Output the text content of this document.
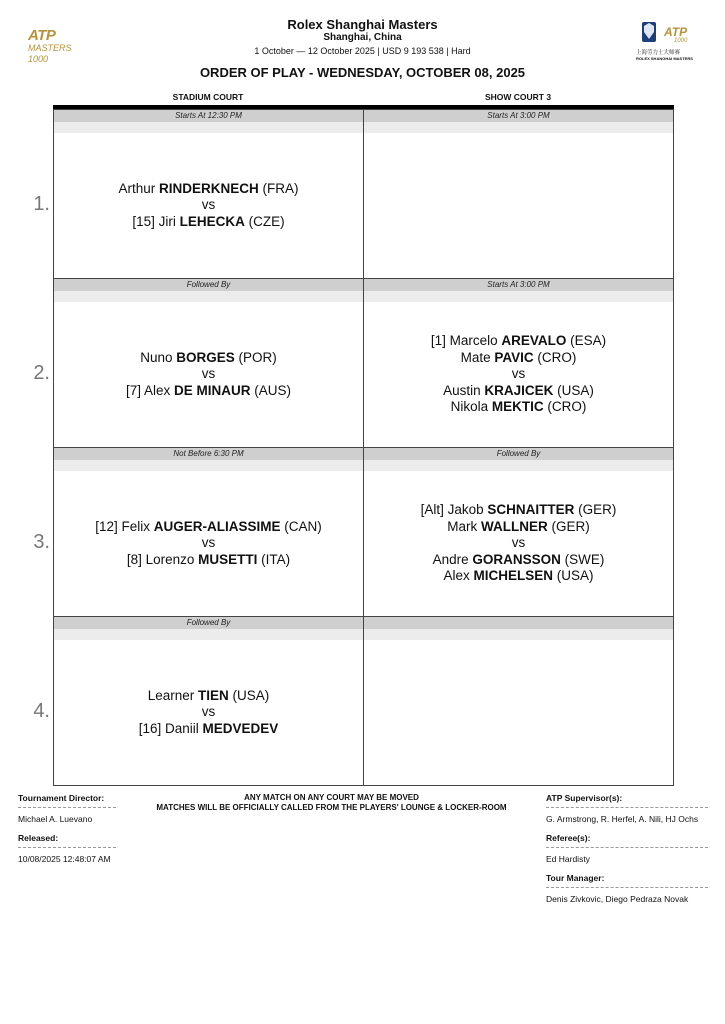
ATP
MASTERS 1000
ATP
1000
上海劳力士大师赛
ROLEX SHANGHAI MASTERS
Rolex Shanghai Masters
Shanghai, China
1 October — 12 October 2025 | USD 9 193 538 | Hard
ORDER OF PLAY - WEDNESDAY, OCTOBER 08, 2025
STADIUM COURT	SHOW COURT 3
1.
Starts At 12:30 PM
Arthur RINDERKNECH (FRA)
vs
[15] Jiri LEHECKA (CZE)
Starts At 3:00 PM
2.
Followed By
Nuno BORGES (POR)
vs
[7] Alex DE MINAUR (AUS)
Starts At 3:00 PM
[1] Marcelo AREVALO (ESA)
Mate PAVIC (CRO)
vs
Austin KRAJICEK (USA)
Nikola MEKTIC (CRO)
3.
Not Before 6:30 PM
[12] Felix AUGER-ALIASSIME (CAN)
vs
[8] Lorenzo MUSETTI (ITA)
Followed By
[Alt] Jakob SCHNAITTER (GER)
Mark WALLNER (GER)
vs
Andre GORANSSON (SWE)
Alex MICHELSEN (USA)
4.
Followed By
Learner TIEN (USA)
vs
[16] Daniil MEDVEDEV
Tournament Director:
Michael A. Luevano
Released:
10/08/2025 12:48:07 AM
ANY MATCH ON ANY COURT MAY BE MOVED
MATCHES WILL BE OFFICIALLY CALLED FROM THE PLAYERS' LOUNGE & LOCKER-ROOM
ATP Supervisor(s):
G. Armstrong, R. Herfel, A. Nili, HJ Ochs
Referee(s):
Ed Hardisty
Tour Manager:
Denis Zivkovic, Diego Pedraza Novak
